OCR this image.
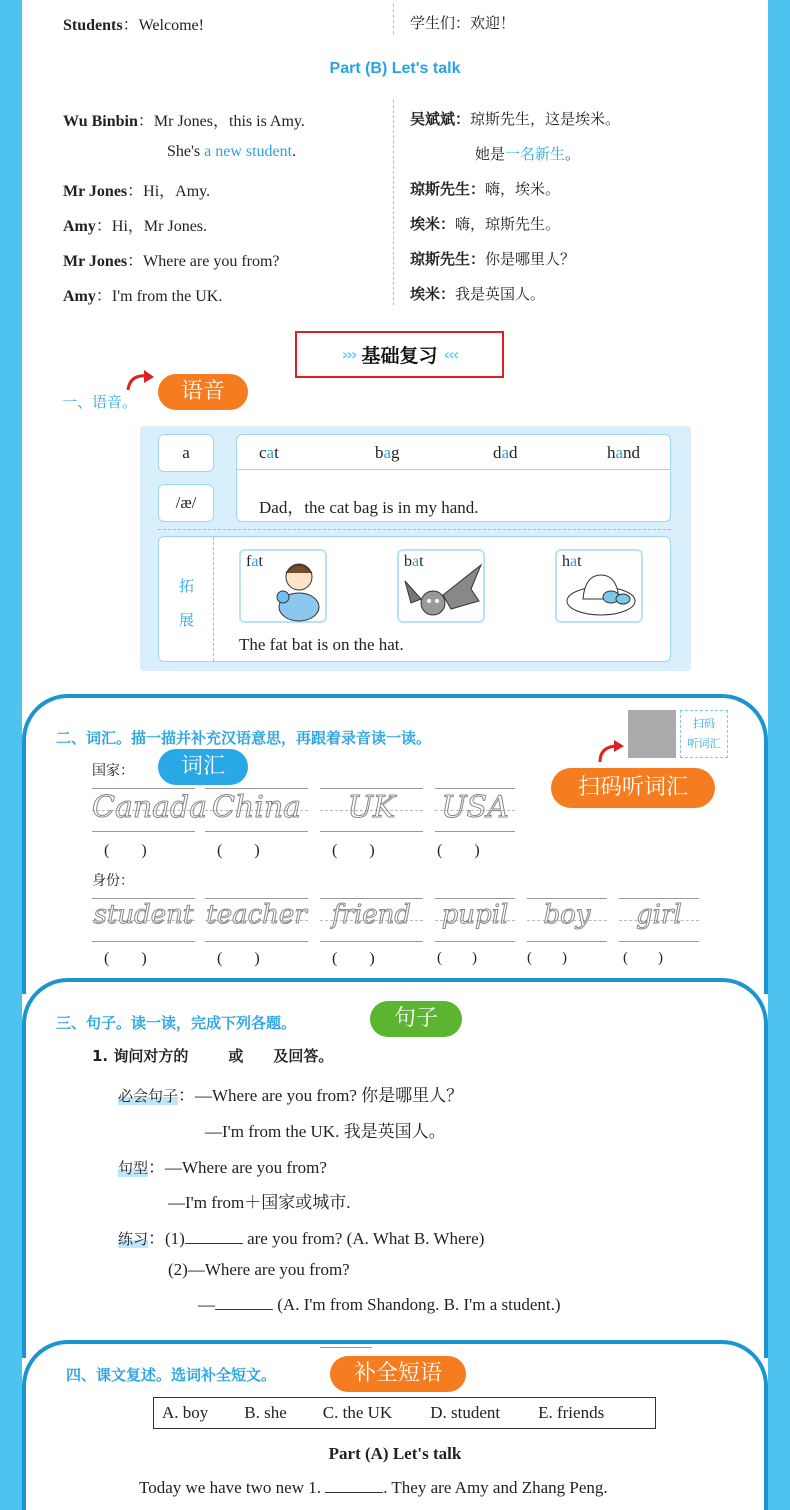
Students：Welcome!	学生们：欢迎！
Part (B) Let's talk
Wu Binbin：Mr Jones，this is Amy.
She's a new student.
Mr Jones：Hi，Amy.
Amy：Hi，Mr Jones.
Mr Jones：Where are you from?
Amy：I'm from the UK.
吴斌斌：琼斯先生，这是埃米。
她是一名新生。
琼斯先生：嗨，埃米。
埃米：嗨，琼斯先生。
琼斯先生：你是哪里人？
埃米：我是英国人。
››› 基础复习 ‹‹‹
一、语音。	语音
a
/æ/
cat	bag	dad	hand
Dad，the cat bag is in my hand.
拓
展
fat	bat	hat
The fat bat is on the hat.
二、词汇。描一描并补充汉语意思，再跟着录音读一读。
扫码
听词汇
扫码听词汇
词汇
国家：
Canada China	UK	USA
(        )	(        )	(        )	(        )
身份：
student teacher friend	pupil	boy	girl
(        )	(        )	(        )	(        )	(        )	(        )
三、句子。读一读，完成下列各题。	句子
1. 询问对方的	或 及回答。
必会句子：—Where are you from? 你是哪里人？
—I'm from the UK. 我是英国人。
句型：—Where are you from?
—I'm from＋国家或城市.
练习：(1)	are you from? (A. What B. Where)
(2)—Where are you from?
—	(A. I'm from Shandong. B. I'm a student.)
四、课文复述。选词补全短文。	补全短语
A. boy B. she C. the UK D. student E. friends
Part (A) Let's talk
Today we have two new 1.	. They are Amy and Zhang Peng.
